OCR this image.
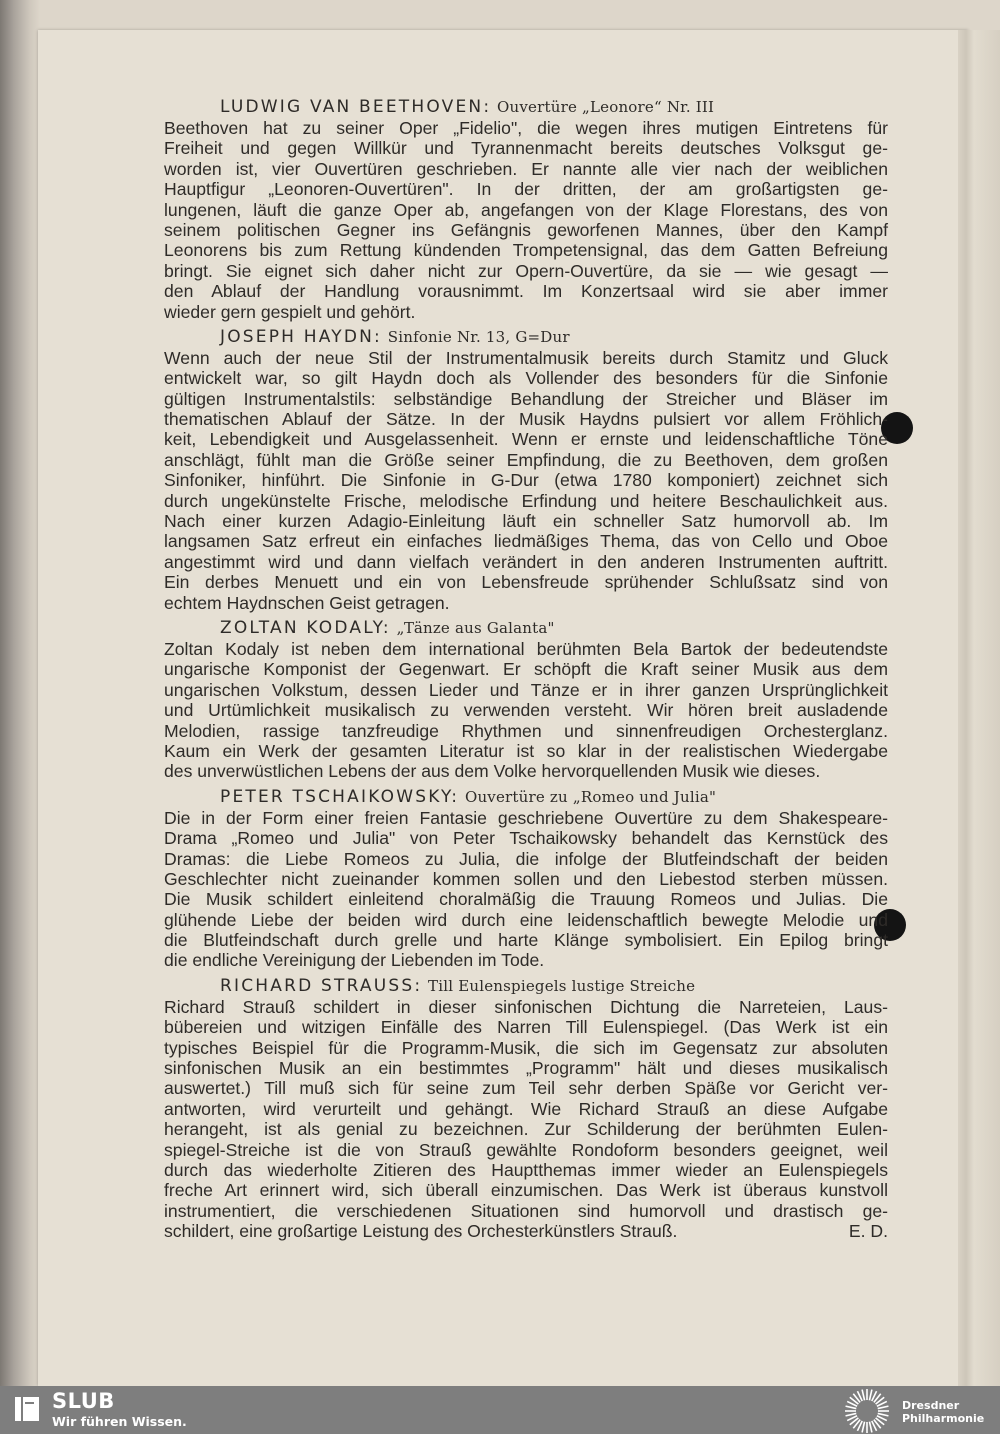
LUDWIG VAN BEETHOVEN: Ouvertüre „Leonore“ Nr. III
Beethoven hat zu seiner Oper „Fidelio", die wegen ihres mutigen Eintretens für
Freiheit und gegen Willkür und Tyrannenmacht bereits deutsches Volksgut ge-
worden ist, vier Ouvertüren geschrieben. Er nannte alle vier nach der weiblichen
Hauptfigur „Leonoren-Ouvertüren". In der dritten, der am großartigsten ge-
lungenen, läuft die ganze Oper ab, angefangen von der Klage Florestans, des von
seinem politischen Gegner ins Gefängnis geworfenen Mannes, über den Kampf
Leonorens bis zum Rettung kündenden Trompetensignal, das dem Gatten Befreiung
bringt. Sie eignet sich daher nicht zur Opern-Ouvertüre, da sie — wie gesagt —
den Ablauf der Handlung vorausnimmt. Im Konzertsaal wird sie aber immer
wieder gern gespielt und gehört.
JOSEPH HAYDN: Sinfonie Nr. 13, G=Dur
Wenn auch der neue Stil der Instrumentalmusik bereits durch Stamitz und Gluck
entwickelt war, so gilt Haydn doch als Vollender des besonders für die Sinfonie
gültigen Instrumentalstils: selbständige Behandlung der Streicher und Bläser im
thematischen Ablauf der Sätze. In der Musik Haydns pulsiert vor allem Fröhlich-
keit, Lebendigkeit und Ausgelassenheit. Wenn er ernste und leidenschaftliche Töne
anschlägt, fühlt man die Größe seiner Empfindung, die zu Beethoven, dem großen
Sinfoniker, hinführt. Die Sinfonie in G-Dur (etwa 1780 komponiert) zeichnet sich
durch ungekünstelte Frische, melodische Erfindung und heitere Beschaulichkeit aus.
Nach einer kurzen Adagio-Einleitung läuft ein schneller Satz humorvoll ab. Im
langsamen Satz erfreut ein einfaches liedmäßiges Thema, das von Cello und Oboe
angestimmt wird und dann vielfach verändert in den anderen Instrumenten auftritt.
Ein derbes Menuett und ein von Lebensfreude sprühender Schlußsatz sind von
echtem Haydnschen Geist getragen.
ZOLTAN KODALY: „Tänze aus Galanta"
Zoltan Kodaly ist neben dem international berühmten Bela Bartok der bedeutendste
ungarische Komponist der Gegenwart. Er schöpft die Kraft seiner Musik aus dem
ungarischen Volkstum, dessen Lieder und Tänze er in ihrer ganzen Ursprünglichkeit
und Urtümlichkeit musikalisch zu verwenden versteht. Wir hören breit ausladende
Melodien, rassige tanzfreudige Rhythmen und sinnenfreudigen Orchesterglanz.
Kaum ein Werk der gesamten Literatur ist so klar in der realistischen Wiedergabe
des unverwüstlichen Lebens der aus dem Volke hervorquellenden Musik wie dieses.
PETER TSCHAIKOWSKY: Ouvertüre zu „Romeo und Julia"
Die in der Form einer freien Fantasie geschriebene Ouvertüre zu dem Shakespeare-
Drama „Romeo und Julia" von Peter Tschaikowsky behandelt das Kernstück des
Dramas: die Liebe Romeos zu Julia, die infolge der Blutfeindschaft der beiden
Geschlechter nicht zueinander kommen sollen und den Liebestod sterben müssen.
Die Musik schildert einleitend choralmäßig die Trauung Romeos und Julias. Die
glühende Liebe der beiden wird durch eine leidenschaftlich bewegte Melodie und
die Blutfeindschaft durch grelle und harte Klänge symbolisiert. Ein Epilog bringt
die endliche Vereinigung der Liebenden im Tode.
RICHARD STRAUSS: Till Eulenspiegels lustige Streiche
Richard Strauß schildert in dieser sinfonischen Dichtung die Narreteien, Laus-
bübereien und witzigen Einfälle des Narren Till Eulenspiegel. (Das Werk ist ein
typisches Beispiel für die Programm-Musik, die sich im Gegensatz zur absoluten
sinfonischen Musik an ein bestimmtes „Programm" hält und dieses musikalisch
auswertet.) Till muß sich für seine zum Teil sehr derben Späße vor Gericht ver-
antworten, wird verurteilt und gehängt. Wie Richard Strauß an diese Aufgabe
herangeht, ist als genial zu bezeichnen. Zur Schilderung der berühmten Eulen-
spiegel-Streiche ist die von Strauß gewählte Rondoform besonders geeignet, weil
durch das wiederholte Zitieren des Hauptthemas immer wieder an Eulenspiegels
freche Art erinnert wird, sich überall einzumischen. Das Werk ist überaus kunstvoll
instrumentiert, die verschiedenen Situationen sind humorvoll und drastisch ge-
schildert, eine großartige Leistung des Orchesterkünstlers Strauß.	E. D.
SLUB
Wir führen Wissen.
Dresdner
Philharmonie
